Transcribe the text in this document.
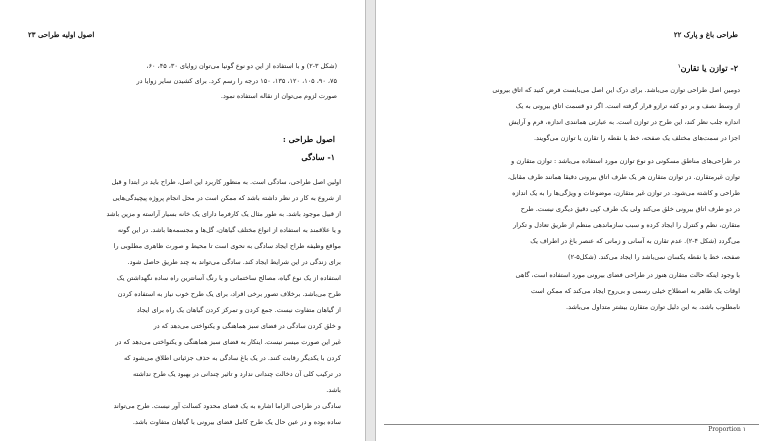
اصول اولیه طراحی ۲۳
(شکل ۳-۲) و با استفاده از این دو نوع گونیا می‌توان زوایای ۳۰، ۴۵، ۶۰،
۷۵، ۹۰، ۱۰۵، ۱۲۰، ۱۳۵، ۱۵۰ درجه را رسم کرد. برای کشیدن سایر زوایا در
صورت لزوم می‌توان از نقاله استفاده نمود.
اصول طراحی :
۱- سادگی
اولین اصل طراحی، سادگی است. به منظور کاربرد این اصل، طراح باید در ابتدا و قبل
از شروع به کار در نظر داشته باشد که ممکن است در محل انجام پروژه پیچیدگی‌هایی
از قبیل موجود باشد. به طور مثال یک کارفرما دارای یک خانه بسیار آراسته و مزین باشد
و یا علاقمند به استفاده از انواع مختلف گیاهان، گل‌ها و مجسمه‌ها باشد. در این گونه
مواقع وظیفه طراح ایجاد سادگی به نحوی است تا محیط و صورت ظاهری مطلوبی را
برای زندگی در این شرایط ایجاد کند. سادگی می‌تواند به چند طریق حاصل شود.
استفاده از یک نوع گیاه، مصالح ساختمانی و یا رنگ آسانترین راه ساده نگهداشتن یک
طرح می‌باشد. برخلاف تصور برخی افراد، برای یک طرح خوب نیاز به استفاده کردن
از گیاهان متفاوت نیست. جمع کردن و تمرکز کردن گیاهان یک راه برای ایجاد
و خلق کردن سادگی در فضای سبز هماهنگی و یکنواختی می‌دهد که در
غیر این صورت میسر نیست. اینکار به فضای سبز هماهنگی و یکنواختی می‌دهد که در
کردن با یکدیگر رقابت کنند. در یک باغ سادگی به حذف جزئیاتی اطلاق می‌شود که
در ترکیب کلی آن دخالت چندانی ندارد و تاثیر چندانی در بهبود یک طرح نداشته
باشد.
سادگی در طراحی الزاما اشاره به یک فضای محدود کسالت آور نیست. طرح می‌تواند
ساده بوده و در عین حال یک طرح کامل فضای بیرونی با گیاهان متفاوت باشد.
۲۲ طراحی باغ و پارک
۲- توازن یا تقارن$^۱$
دومین اصل طراحی توازن می‌باشد. برای درک این اصل می‌بایست فرض کنید که اتاق بیرونی
از وسط نصف و بر دو کفه ترازو قرار گرفته است. اگر دو قسمت اتاق بیرونی به یک
اندازه جلب نظر کند، این طرح در توازن است. به عبارتی همانندی اندازه، فرم و آرایش
اجزا در سمت‌های مختلف یک صفحه، خط یا نقطه را تقارن یا توازن می‌گویند.
در طراحی‌های مناطق مسکونی دو نوع توازن مورد استفاده می‌باشد : توازن متقارن و
توازن غیرمتقارن. در توازن متقارن هر یک طرف اتاق بیرونی دقیقا همانند طرف مقابل،
طراحی و کاشته می‌شود. در توازن غیر متقارن، موضوعات و ویژگی‌ها را به یک اندازه
در دو طرف اتاق بیرونی خلق می‌کند ولی یک طرف کپی دقیق دیگری نیست. طرح
متقارن، نظم و کنترل را ایجاد کرده و سبب سازماندهی منظم از طریق تعادل و تکرار
می‌گردد (شکل ۴-۲). عدم تقارن به آسانی و زمانی که عنصر باغ در اطراف یک
صفحه، خط یا نقطه یکسان نمی‌باشد را ایجاد می‌کند. (شکل۵-۲)
با وجود اینکه حالت متقارن هنوز در طراحی فضای بیرونی مورد استفاده است، گاهی
اوقات یک ظاهر به اصطلاح خیلی رسمی و بی‌روح ایجاد می‌کند که ممکن است
نامطلوب باشد، به این دلیل توازن متقارن بیشتر متداول می‌باشد.
Proportion ۱
